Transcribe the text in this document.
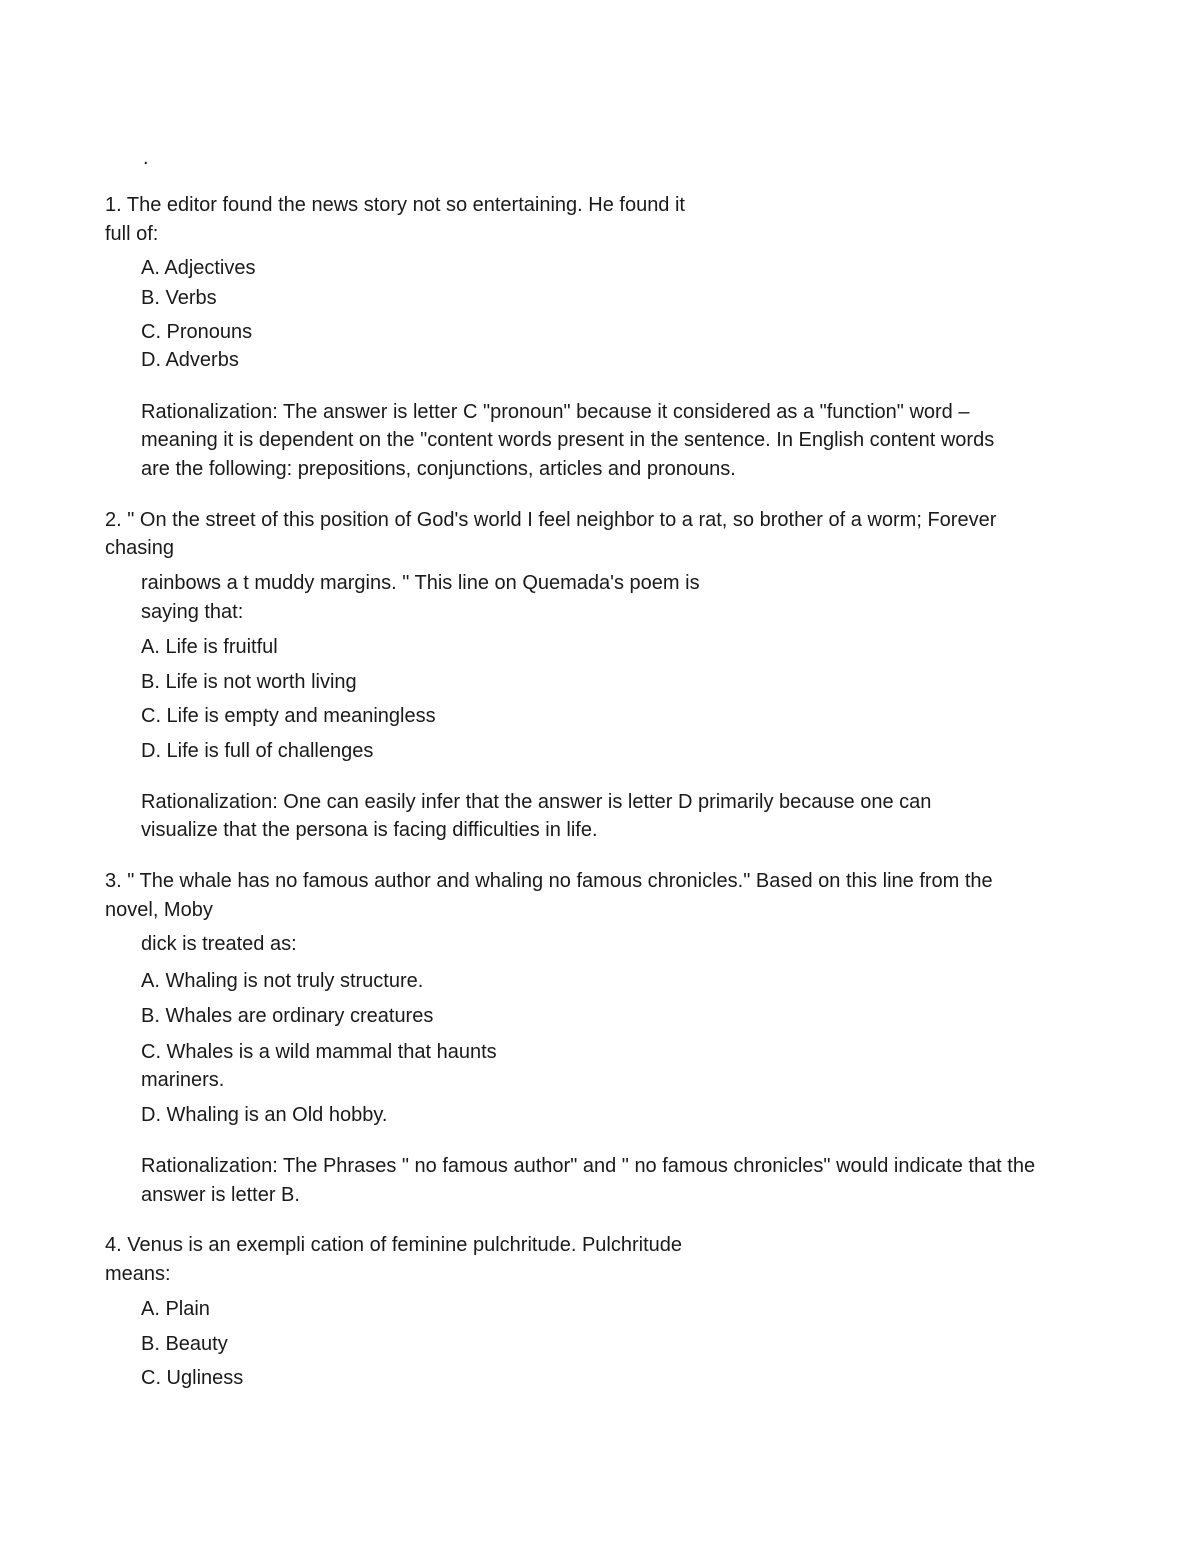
.
1. The editor found the news story not so entertaining. He found it
full of:
A. Adjectives
B. Verbs
C. Pronouns
D. Adverbs
Rationalization: The answer is letter C "pronoun" because it considered as a "function" word –
meaning it is dependent on the "content words present in the sentence. In English content words
are the following: prepositions, conjunctions, articles and pronouns.
2. " On the street of this position of God's world I feel neighbor to a rat, so brother of a worm; Forever
chasing
rainbows a t muddy margins. " This line on Quemada's poem is
saying that:
A. Life is fruitful
B. Life is not worth living
C. Life is empty and meaningless
D. Life is full of challenges
Rationalization: One can easily infer that the answer is letter D primarily because one can
visualize that the persona is facing difficulties in life.
3. " The whale has no famous author and whaling no famous chronicles." Based on this line from the
novel, Moby
dick is treated as:
A. Whaling is not truly structure.
B. Whales are ordinary creatures
C. Whales is a wild mammal that haunts
mariners.
D. Whaling is an Old hobby.
Rationalization: The Phrases " no famous author" and " no famous chronicles" would indicate that the
answer is letter B.
4. Venus is an exempli cation of feminine pulchritude. Pulchritude
means:
A. Plain
B. Beauty
C. Ugliness
